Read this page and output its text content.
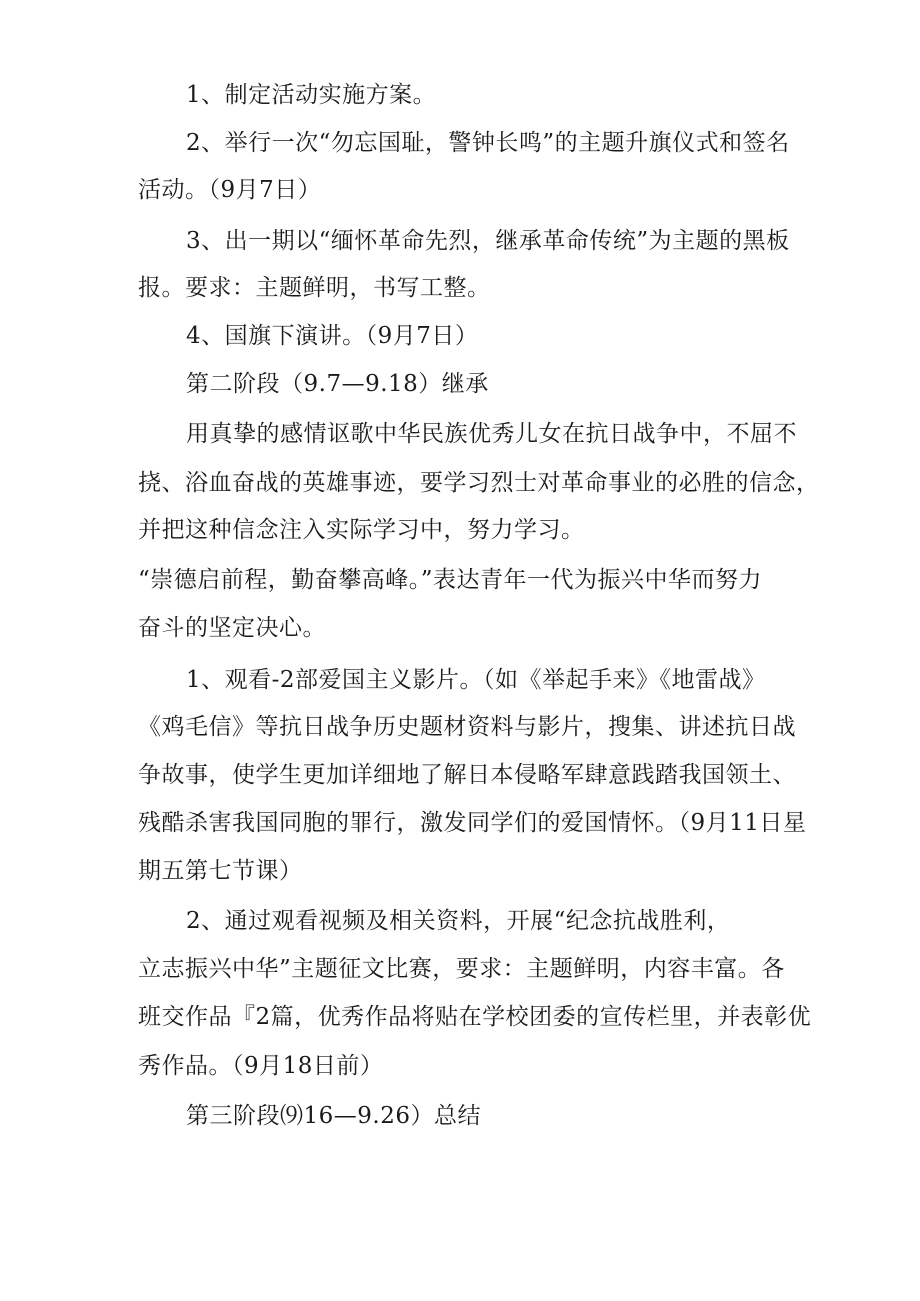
1、制定活动实施方案。
2、举行一次“勿忘国耻，警钟长鸣”的主题升旗仪式和签名
活动。（9月7日）
3、出一期以“缅怀革命先烈，继承革命传统”为主题的黑板
报。要求：主题鲜明，书写工整。
4、国旗下演讲。（9月7日）
第二阶段（9.7—9.18）继承
用真挚的感情讴歌中华民族优秀儿女在抗日战争中，不屈不
挠、浴血奋战的英雄事迹，要学习烈士对革命事业的必胜的信念，
并把这种信念注入实际学习中，努力学习。
“崇德启前程，勤奋攀高峰。”表达青年一代为振兴中华而努力
奋斗的坚定决心。
1、观看-2部爱国主义影片。（如《举起手来》《地雷战》
《鸡毛信》等抗日战争历史题材资料与影片，搜集、讲述抗日战
争故事，使学生更加详细地了解日本侵略军肆意践踏我国领土、
残酷杀害我国同胞的罪行，激发同学们的爱国情怀。（9月11日星
期五第七节课）
2、通过观看视频及相关资料，开展“纪念抗战胜利，
立志振兴中华”主题征文比赛，要求：主题鲜明，内容丰富。各
班交作品『2篇，优秀作品将贴在学校团委的宣传栏里，并表彰优
秀作品。（9月18日前）
第三阶段⑼16—9.26）总结
